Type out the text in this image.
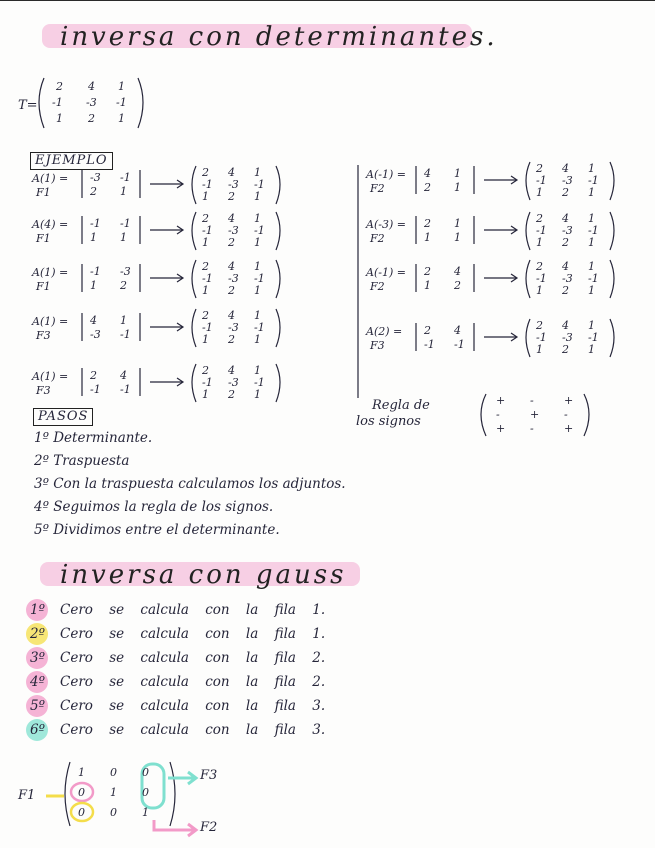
inversa con determinantes.
T=
2 4 1
-1 -3 -1
1 2 1
EJEMPLO
A(1) =
F1
-3 -1
2 1
2 4 1
-1 -3 -1
1 2 1
A(4) =
F1
-1 -1
1 1
2 4 1
-1 -3 -1
1 2 1
A(1) =
F1
-1 -3
1 2
2 4 1
-1 -3 -1
1 2 1
A(1) =
F3
4 1
-3 -1
2 4 1
-1 -3 -1
1 2 1
A(1) =
F3
2 4
-1 -1
2 4 1
-1 -3 -1
1 2 1
A(-1) =
F2
4 1
2 1
2 4 1
-1 -3 -1
1 2 1
A(-3) =
F2
2 1
1 1
2 4 1
-1 -3 -1
1 2 1
A(-1) =
F2
2 4
1 2
2 4 1
-1 -3 -1
1 2 1
A(2) =
F3
2 4
-1 -1
2 4 1
-1 -3 -1
1 2 1
PASOS
1º Determinante.
2º Traspuesta
3º Con la traspuesta calculamos los adjuntos.
4º Seguimos la regla de los signos.
5º Dividimos entre el determinante.
Regla de
los signos
+ -	+
-	+ -
+ -	+
inversa con gauss
1º Cero se calcula con la fila 1.
2º Cero se calcula con la fila 1.
3º Cero se calcula con la fila 2.
4º Cero se calcula con la fila 2.
5º Cero se calcula con la fila 3.
6º Cero se calcula con la fila 3.
F1
F3
F2
1 0 0
0 1 0
0 0 1
